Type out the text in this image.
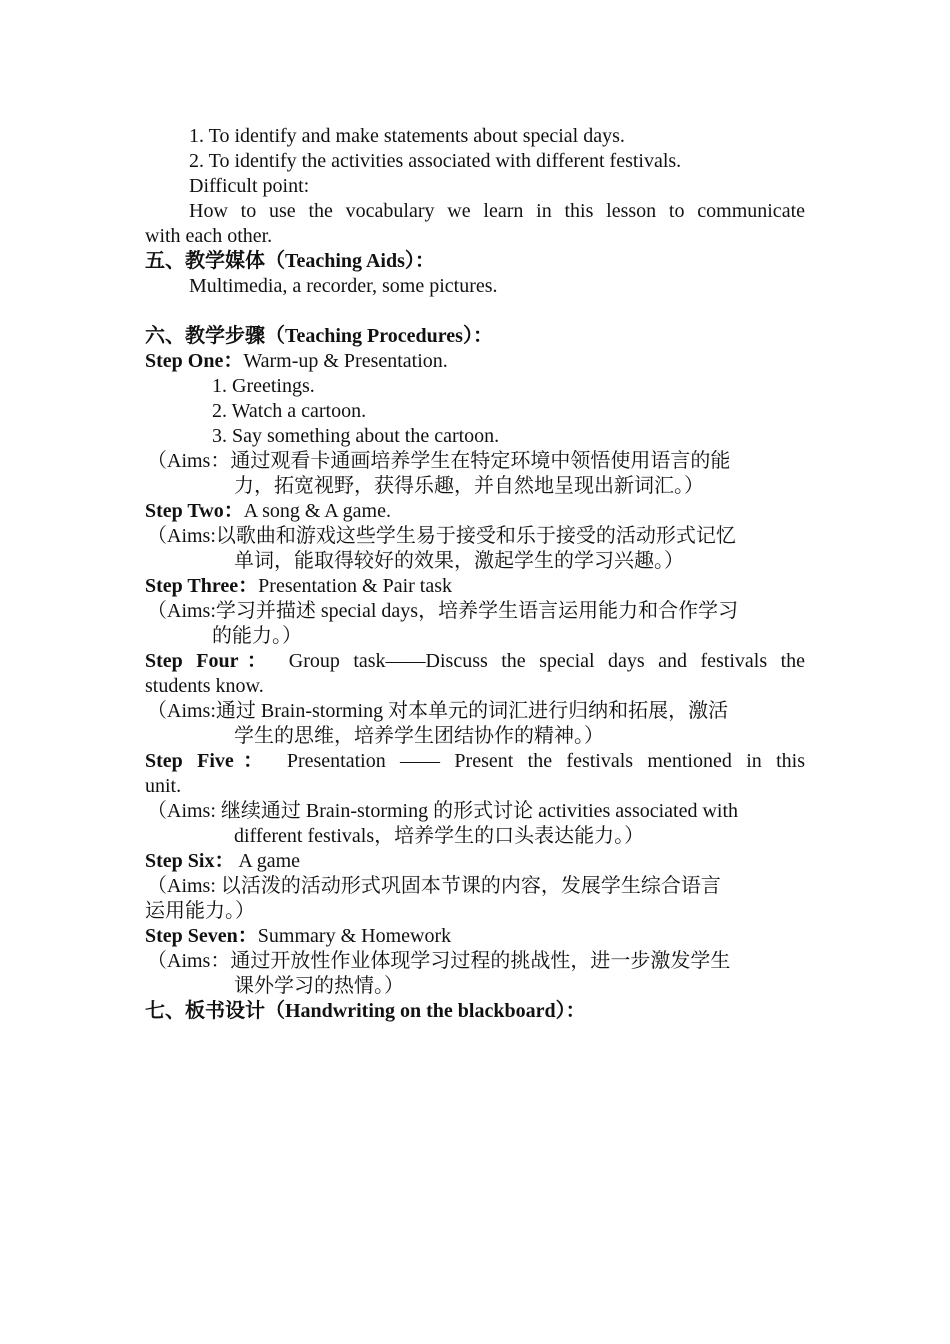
1. To identify and make statements about special days.
2. To identify the activities associated with different festivals.
Difficult point:
How to use the vocabulary we learn in this lesson to communicate
with each other.
五、教学媒体（Teaching Aids）：
Multimedia, a recorder, some pictures.
六、教学步骤（Teaching Procedures）：
Step One：Warm-up & Presentation.
1. Greetings.
2. Watch a cartoon.
3. Say something about the cartoon.
（Aims：通过观看卡通画培养学生在特定环境中领悟使用语言的能
力，拓宽视野，获得乐趣，并自然地呈现出新词汇。）
Step Two：A song & A game.
（Aims:以歌曲和游戏这些学生易于接受和乐于接受的活动形式记忆
单词，能取得较好的效果，激起学生的学习兴趣。）
Step Three：Presentation & Pair task
（Aims:学习并描述 special days，培养学生语言运用能力和合作学习
的能力。）
Step Four： Group task——Discuss the special days and festivals the
students know.
（Aims:通过 Brain-storming 对本单元的词汇进行归纳和拓展，激活
学生的思维，培养学生团结协作的精神。）
Step Five： Presentation —— Present the festivals mentioned in this
unit.
（Aims: 继续通过 Brain-storming 的形式讨论 activities associated with
different festivals，培养学生的口头表达能力。）
Step Six： A game
（Aims: 以活泼的活动形式巩固本节课的内容，发展学生综合语言
运用能力。）
Step Seven：Summary & Homework
（Aims：通过开放性作业体现学习过程的挑战性，进一步激发学生
课外学习的热情。）
七、板书设计（Handwriting on the blackboard）：
